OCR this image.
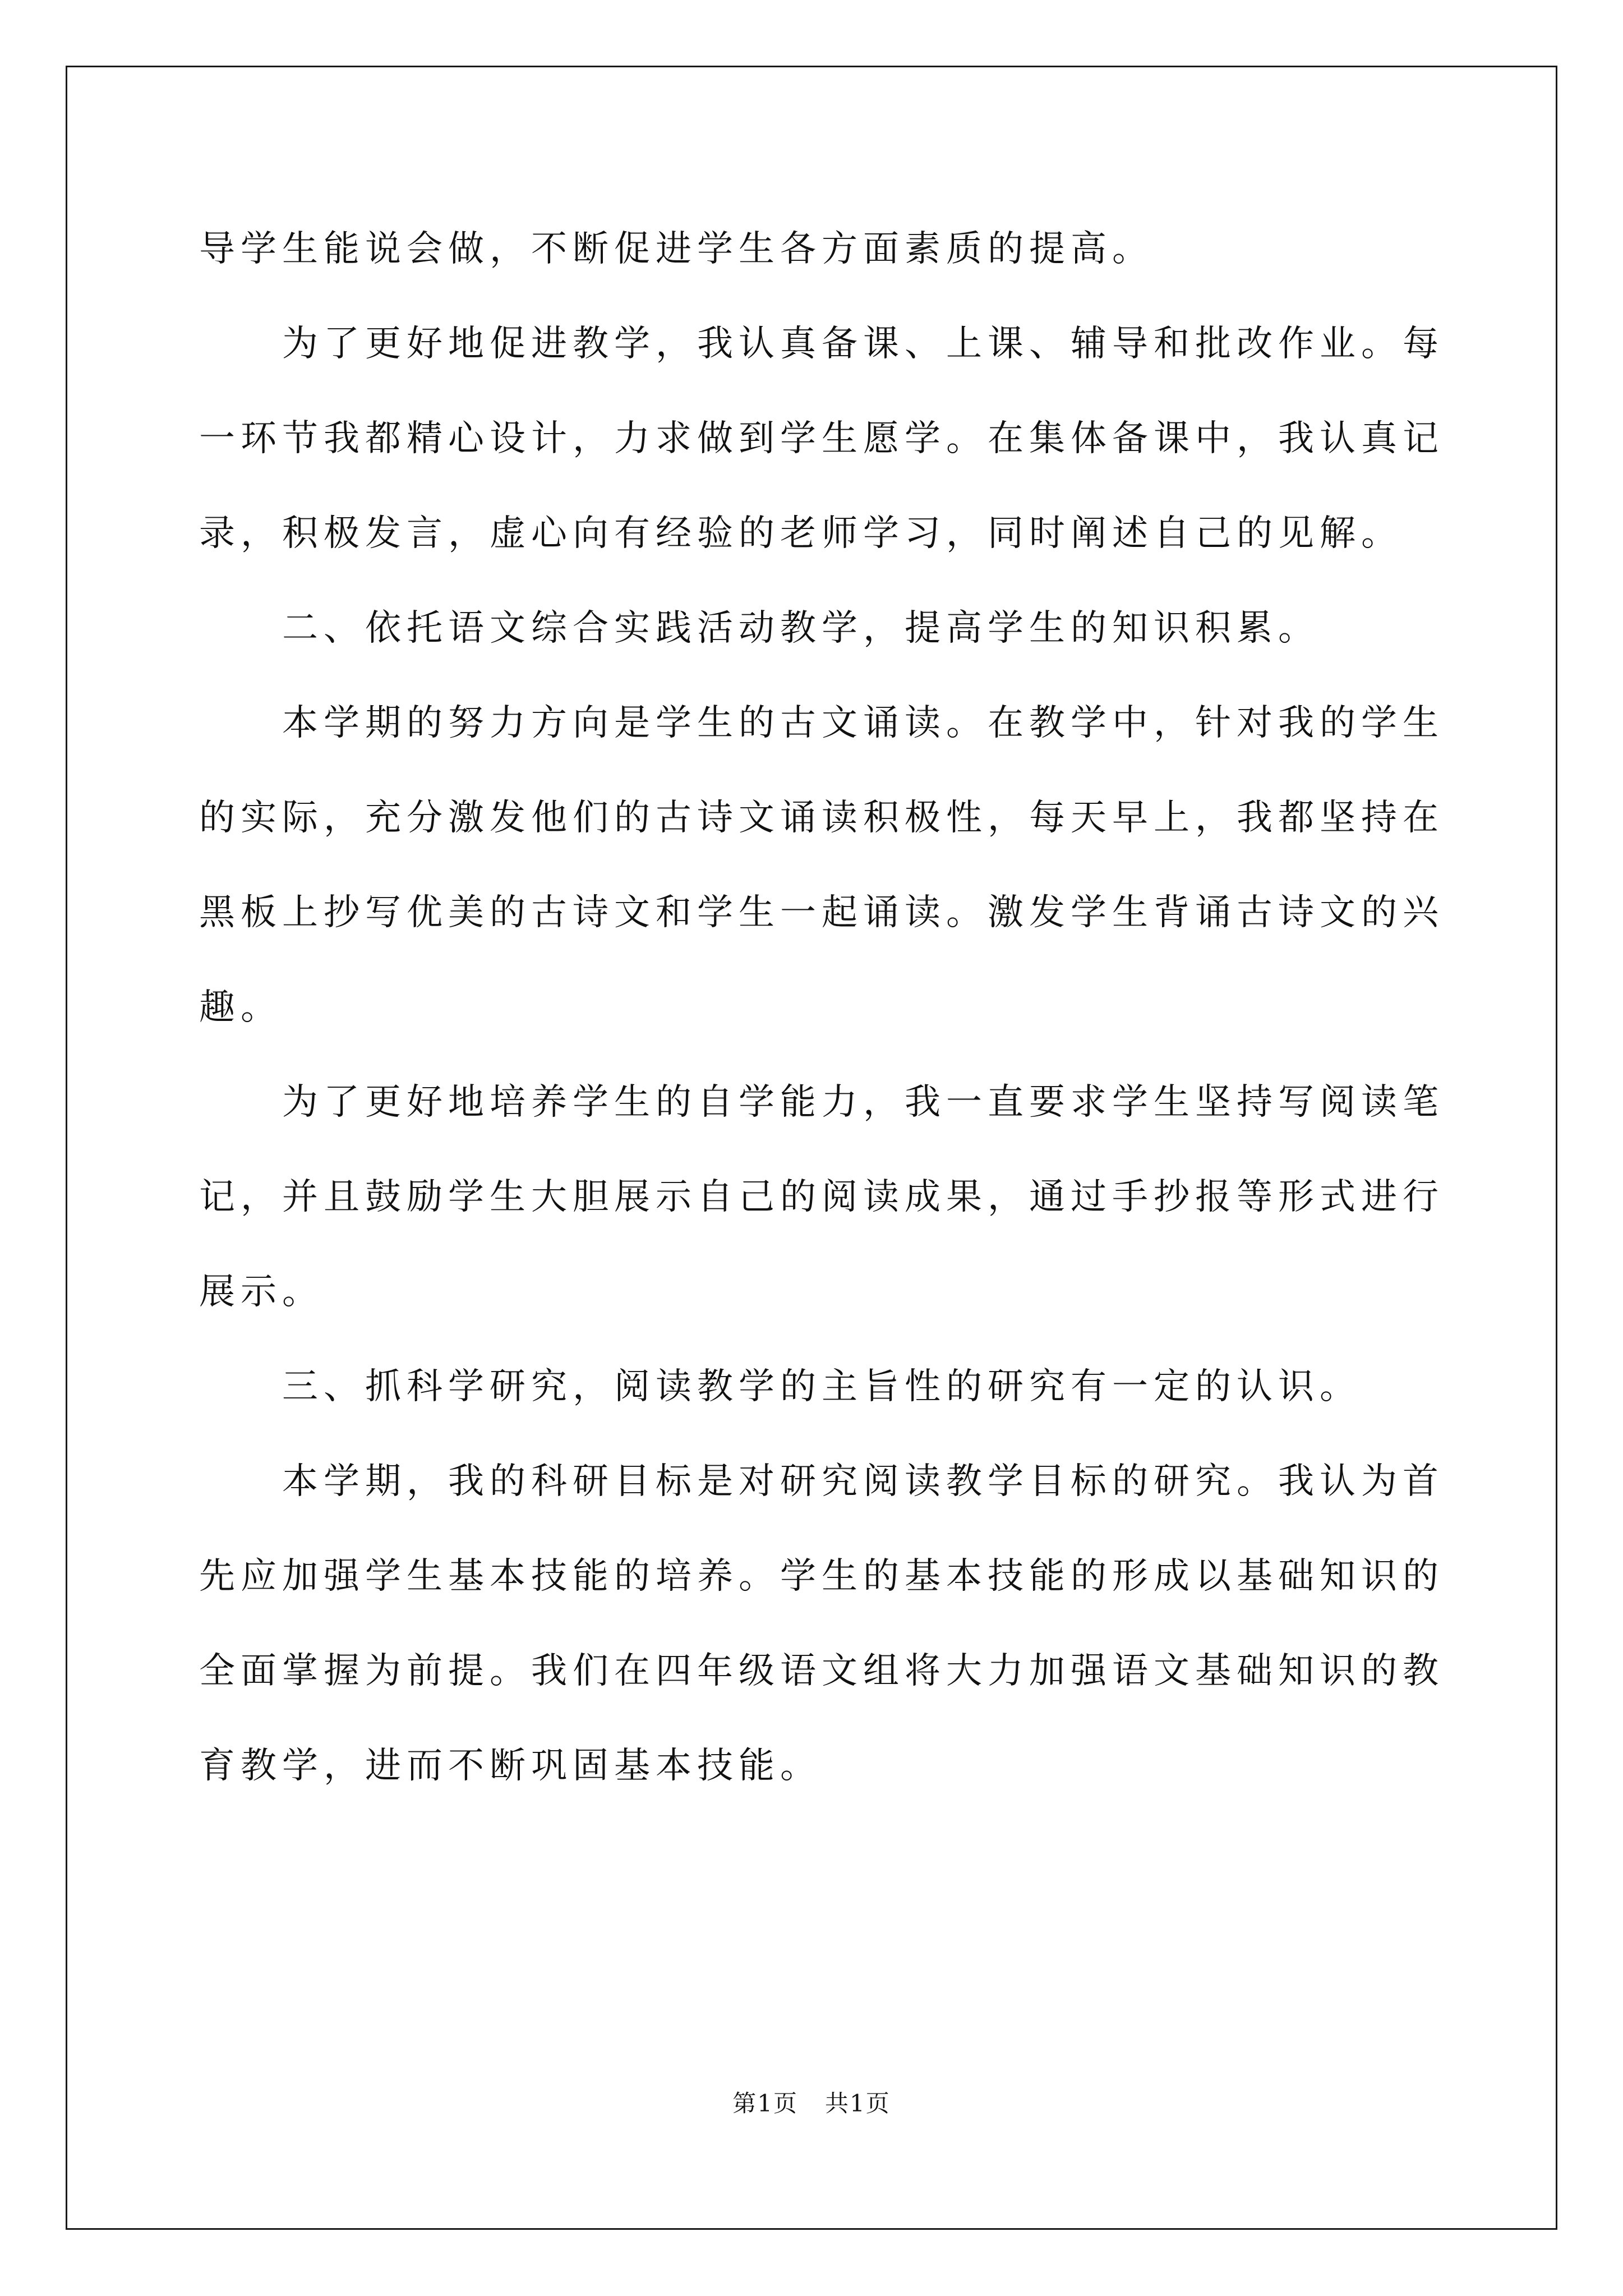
导学生能说会做，不断促进学生各方面素质的提高。

为了更好地促进教学，我认真备课、上课、辅导和批改作业。每一环节我都精心设计，力求做到学生愿学。在集体备课中，我认真记录，积极发言，虚心向有经验的老师学习，同时阐述自己的见解。

二、依托语文综合实践活动教学，提高学生的知识积累。

本学期的努力方向是学生的古文诵读。在教学中，针对我的学生的实际，充分激发他们的古诗文诵读积极性，每天早上，我都坚持在黑板上抄写优美的古诗文和学生一起诵读。激发学生背诵古诗文的兴趣。

为了更好地培养学生的自学能力，我一直要求学生坚持写阅读笔记，并且鼓励学生大胆展示自己的阅读成果，通过手抄报等形式进行展示。

三、抓科学研究，阅读教学的主旨性的研究有一定的认识。

本学期，我的科研目标是对研究阅读教学目标的研究。我认为首先应加强学生基本技能的培养。学生的基本技能的形成以基础知识的全面掌握为前提。我们在四年级语文组将大力加强语文基础知识的教育教学，进而不断巩固基本技能。

第1页 共1页
